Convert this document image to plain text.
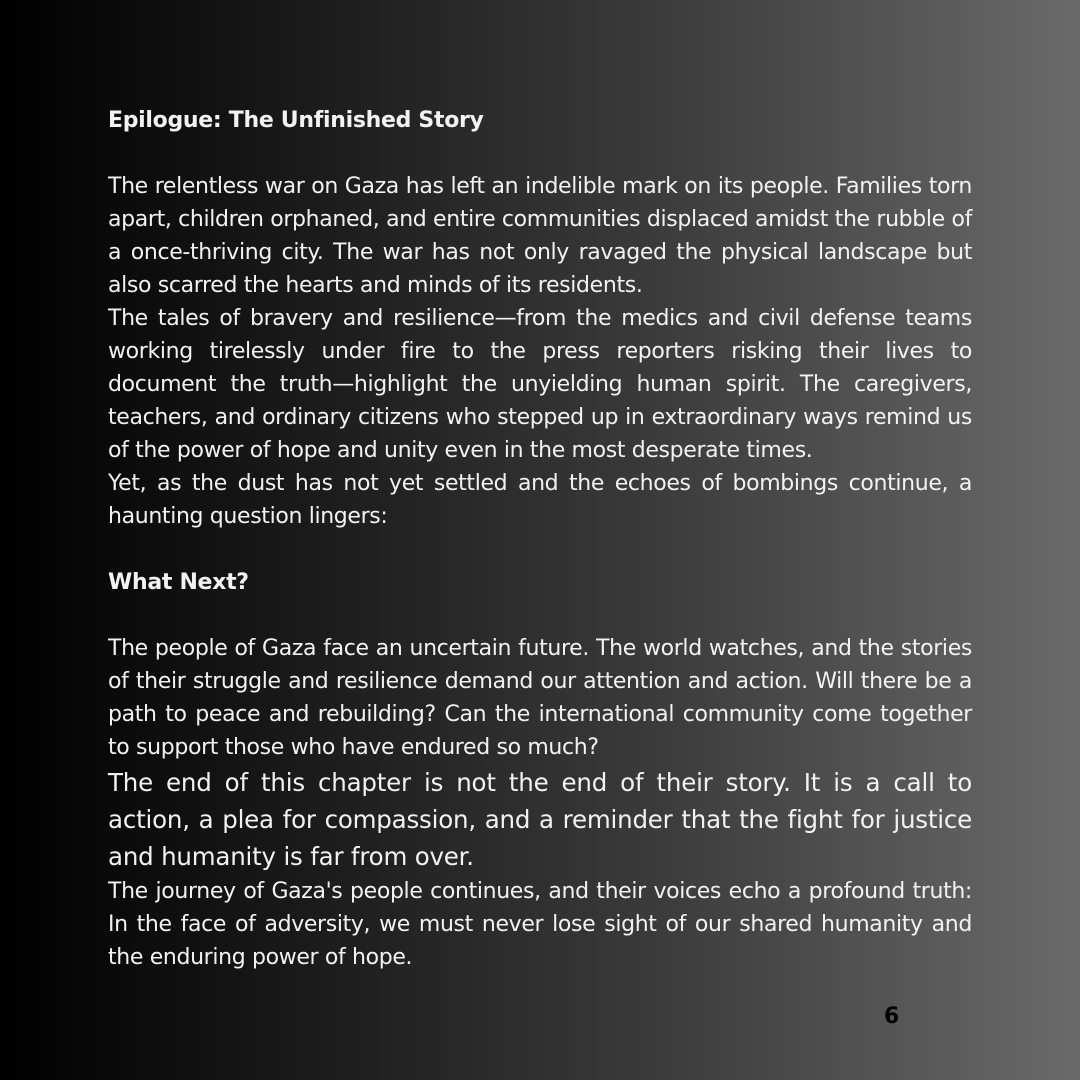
Epilogue: The Unfinished Story

The relentless war on Gaza has left an indelible mark on its people. Families torn apart, children orphaned, and entire communities displaced amidst the rubble of a once-thriving city. The war has not only ravaged the physical landscape but also scarred the hearts and minds of its residents.

The tales of bravery and resilience—from the medics and civil defense teams working tirelessly under fire to the press reporters risking their lives to document the truth—highlight the unyielding human spirit. The caregivers, teachers, and ordinary citizens who stepped up in extraordinary ways remind us of the power of hope and unity even in the most desperate times.

Yet, as the dust has not yet settled and the echoes of bombings continue, a haunting question lingers:

What Next?

The people of Gaza face an uncertain future. The world watches, and the stories of their struggle and resilience demand our attention and action. Will there be a path to peace and rebuilding? Can the international community come together to support those who have endured so much?

The end of this chapter is not the end of their story. It is a call to action, a plea for compassion, and a reminder that the fight for justice and humanity is far from over.

The journey of Gaza's people continues, and their voices echo a profound truth: In the face of adversity, we must never lose sight of our shared humanity and the enduring power of hope.

6
